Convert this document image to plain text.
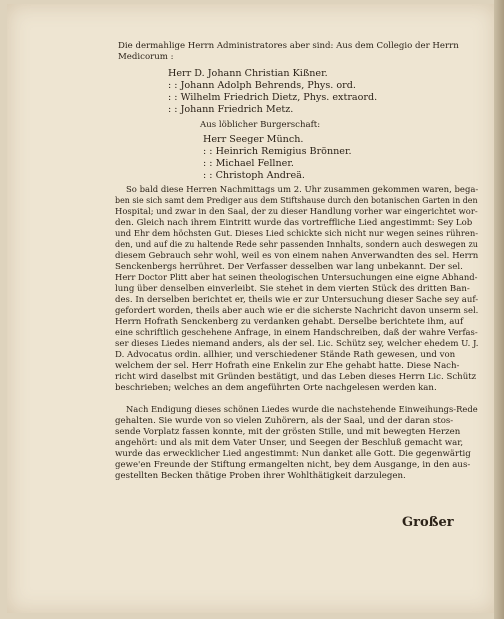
Die dermahlige Herrn Administratores aber sind: Aus dem Collegio der Herrn
Medicorum :
Herr D. Johann Christian Kißner.
: : Johann Adolph Behrends, Phys. ord.
: : Wilhelm Friedrich Dietz, Phys. extraord.
: : Johann Friedrich Metz.
Aus löblicher Burgerschaft:
Herr Seeger Münch.
: : Heinrich Remigius Brönner.
: : Michael Fellner.
: : Christoph Andreä.
So bald diese Herren Nachmittags um 2. Uhr zusammen gekommen waren, bega-
ben sie sich samt dem Prediger aus dem Stiftshause durch den botanischen Garten in den
Hospital; und zwar in den Saal, der zu dieser Handlung vorher war eingerichtet wor-
den. Gleich nach ihrem Eintritt wurde das vortreffliche Lied angestimmt: Sey Lob
und Ehr dem höchsten Gut. Dieses Lied schickte sich nicht nur wegen seines rühren-
den, und auf die zu haltende Rede sehr passenden Innhalts, sondern auch deswegen zu
diesem Gebrauch sehr wohl, weil es von einem nahen Anverwandten des sel. Herrn
Senckenbergs herrühret. Der Verfasser desselben war lang unbekannt. Der sel.
Herr Doctor Plitt aber hat seinen theologischen Untersuchungen eine eigne Abhand-
lung über denselben einverleibt. Sie stehet in dem vierten Stück des dritten Ban-
des. In derselben berichtet er, theils wie er zur Untersuchung dieser Sache sey auf-
gefordert worden, theils aber auch wie er die sicherste Nachricht davon unserm sel.
Herrn Hofrath Senckenberg zu verdanken gehabt. Derselbe berichtete ihm, auf
eine schriftlich geschehene Anfrage, in einem Handschreiben, daß der wahre Verfas-
ser dieses Liedes niemand anders, als der sel. Lic. Schütz sey, welcher ehedem U. J.
D. Advocatus ordin. allhier, und verschiedener Stände Rath gewesen, und von
welchem der sel. Herr Hofrath eine Enkelin zur Ehe gehabt hatte. Diese Nach-
richt wird daselbst mit Gründen bestätigt, und das Leben dieses Herrn Lic. Schütz
beschrieben; welches an dem angeführten Orte nachgelesen werden kan.
Nach Endigung dieses schönen Liedes wurde die nachstehende Einweihungs-Rede
gehalten. Sie wurde von so vielen Zuhörern, als der Saal, und der daran stos-
sende Vorplatz fassen konnte, mit der grösten Stille, und mit bewegten Herzen
angehört: und als mit dem Vater Unser, und Seegen der Beschluß gemacht war,
wurde das erwecklicher Lied angestimmt: Nun danket alle Gott. Die gegenwärtig
gewe'en Freunde der Stiftung ermangelten nicht, bey dem Ausgange, in den aus-
gestellten Becken thätige Proben ihrer Wohlthätigkeit darzulegen.
Großer
